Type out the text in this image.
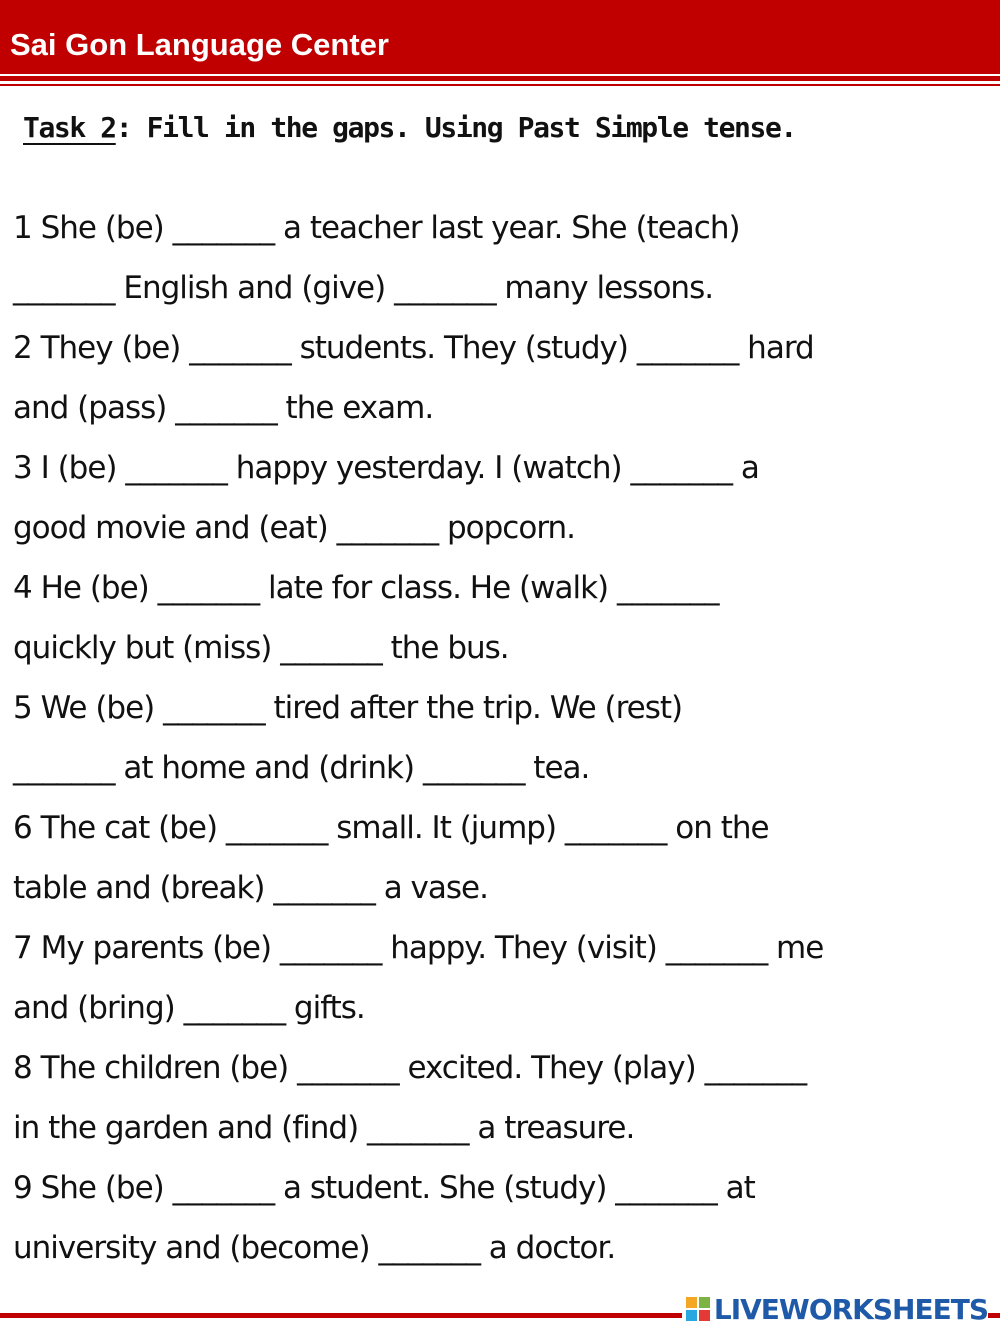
Sai Gon Language Center
Task 2: Fill in the gaps. Using Past Simple tense.
1 She (be) _______ a teacher last year. She (teach)
_______ English and (give) _______ many lessons.
2 They (be) _______ students. They (study) _______ hard
and (pass) _______ the exam.
3 I (be) _______ happy yesterday. I (watch) _______ a
good movie and (eat) _______ popcorn.
4 He (be) _______ late for class. He (walk) _______
quickly but (miss) _______ the bus.
5 We (be) _______ tired after the trip. We (rest)
_______ at home and (drink) _______ tea.
6 The cat (be) _______ small. It (jump) _______ on the
table and (break) _______ a vase.
7 My parents (be) _______ happy. They (visit) _______ me
and (bring) _______ gifts.
8 The children (be) _______ excited. They (play) _______
in the garden and (find) _______ a treasure.
9 She (be) _______ a student. She (study) _______ at
university and (become) _______ a doctor.
LIVEWORKSHEETS
